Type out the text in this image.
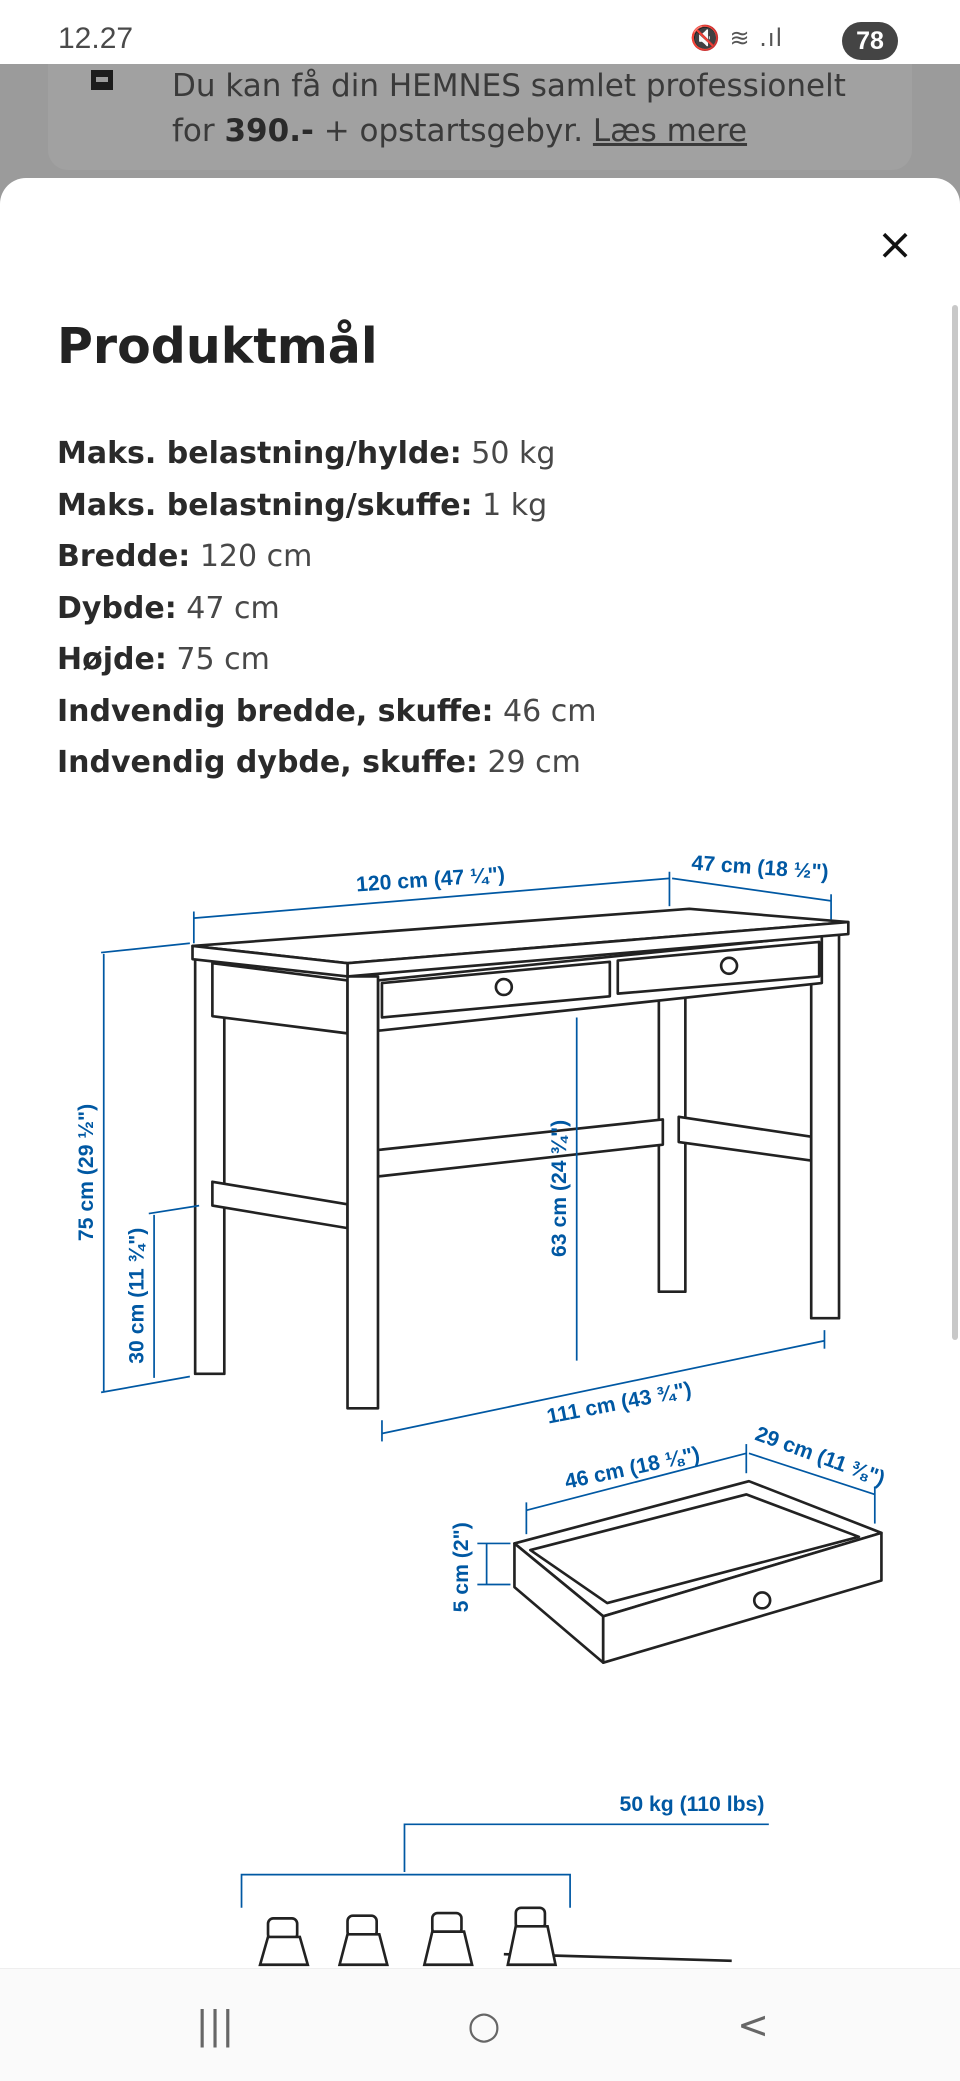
Du kan få din HEMNES samlet professionelt
for 390.- + opstartsgebyr. Læs mere
12.27	🔇 ≋ .ıl	78
×
Produktmål
Maks. belastning/hylde: 50 kg
Maks. belastning/skuffe: 1 kg
Bredde: 120 cm
Dybde: 47 cm
Højde: 75 cm
Indvendig bredde, skuffe: 46 cm
Indvendig dybde, skuffe: 29 cm
120 cm (47 ¼")	47 cm (18 ½")
75 cm (29 ½")
30 cm (11 ¾")
63 cm (24 ¾")
111 cm (43 ¾")
46 cm (18 ⅛")	29 cm (11 ⅜")
5 cm (2")
50 kg (110 lbs)
|||	○	<
